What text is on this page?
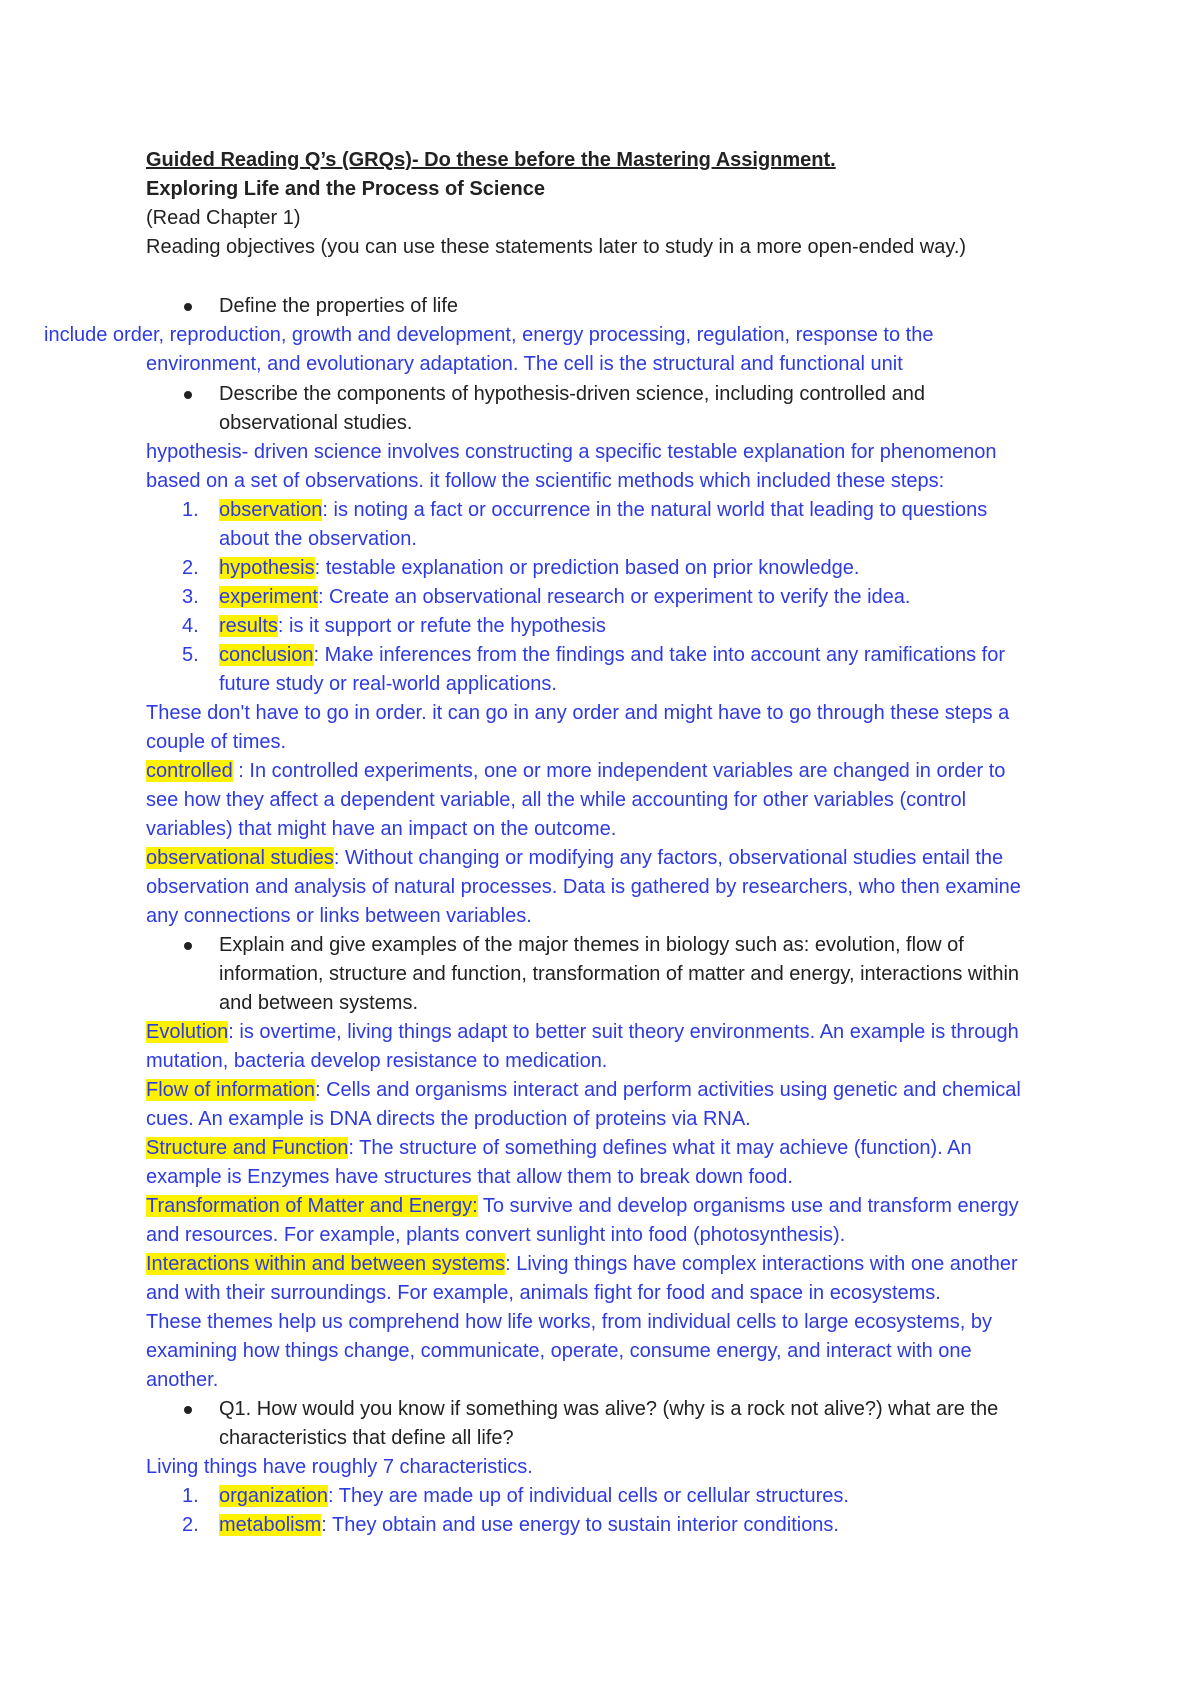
Guided Reading Q’s (GRQs)- Do these before the Mastering Assignment.
Exploring Life and the Process of Science
(Read Chapter 1)
Reading objectives (you can use these statements later to study in a more open-ended way.)
Define the properties of life
include order, reproduction, growth and development, energy processing, regulation, response to the
environment, and evolutionary adaptation. The cell is the structural and functional unit
Describe the components of hypothesis-driven science, including controlled and
observational studies.
hypothesis- driven science involves constructing a specific testable explanation for phenomenon
based on a set of observations. it follow the scientific methods which included these steps:
1. observation: is noting a fact or occurrence in the natural world that leading to questions
about the observation.
2. hypothesis: testable explanation or prediction based on prior knowledge.
3. experiment: Create an observational research or experiment to verify the idea.
4. results: is it support or refute the hypothesis
5. conclusion: Make inferences from the findings and take into account any ramifications for
future study or real-world applications.
These don't have to go in order. it can go in any order and might have to go through these steps a
couple of times.
controlled : In controlled experiments, one or more independent variables are changed in order to
see how they affect a dependent variable, all the while accounting for other variables (control
variables) that might have an impact on the outcome.
observational studies: Without changing or modifying any factors, observational studies entail the
observation and analysis of natural processes. Data is gathered by researchers, who then examine
any connections or links between variables.
Explain and give examples of the major themes in biology such as: evolution, flow of
information, structure and function, transformation of matter and energy, interactions within
and between systems.
Evolution: is overtime, living things adapt to better suit theory environments. An example is through
mutation, bacteria develop resistance to medication.
Flow of information: Cells and organisms interact and perform activities using genetic and chemical
cues. An example is DNA directs the production of proteins via RNA.
Structure and Function: The structure of something defines what it may achieve (function). An
example is Enzymes have structures that allow them to break down food.
Transformation of Matter and Energy: To survive and develop organisms use and transform energy
and resources. For example, plants convert sunlight into food (photosynthesis).
Interactions within and between systems: Living things have complex interactions with one another
and with their surroundings. For example, animals fight for food and space in ecosystems.
These themes help us comprehend how life works, from individual cells to large ecosystems, by
examining how things change, communicate, operate, consume energy, and interact with one
another.
Q1. How would you know if something was alive? (why is a rock not alive?) what are the
characteristics that define all life?
Living things have roughly 7 characteristics.
1. organization: They are made up of individual cells or cellular structures.
2. metabolism: They obtain and use energy to sustain interior conditions.
